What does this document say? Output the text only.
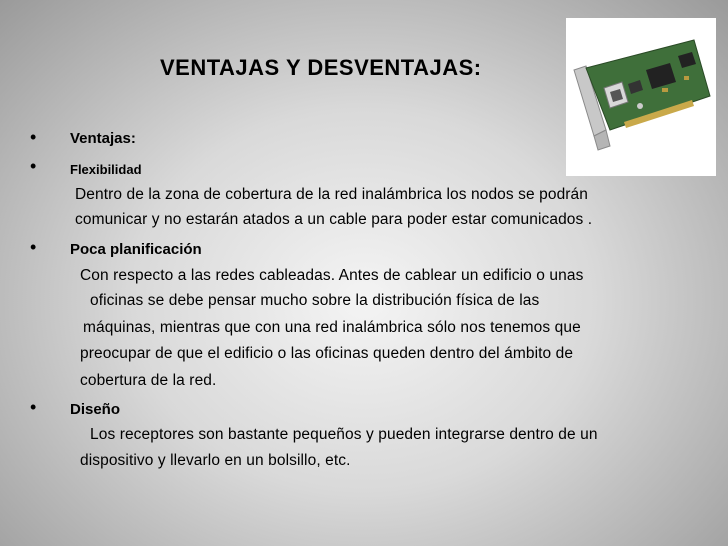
VENTAJAS Y DESVENTAJAS:
• Ventajas:
•	Flexibilidad
Dentro de la zona de cobertura de la red inalámbrica los nodos se podrán
comunicar y no estarán atados a un cable para poder estar comunicados .
• Poca planificación
Con respecto a las redes cableadas. Antes de cablear un edificio o unas
oficinas se debe pensar mucho sobre la distribución física de las
máquinas, mientras que con una red inalámbrica sólo nos tenemos que
preocupar de que el edificio o las oficinas queden dentro del ámbito de
cobertura de la red.
• Diseño
Los receptores son bastante pequeños y pueden integrarse dentro de un
dispositivo y llevarlo en un bolsillo, etc.
